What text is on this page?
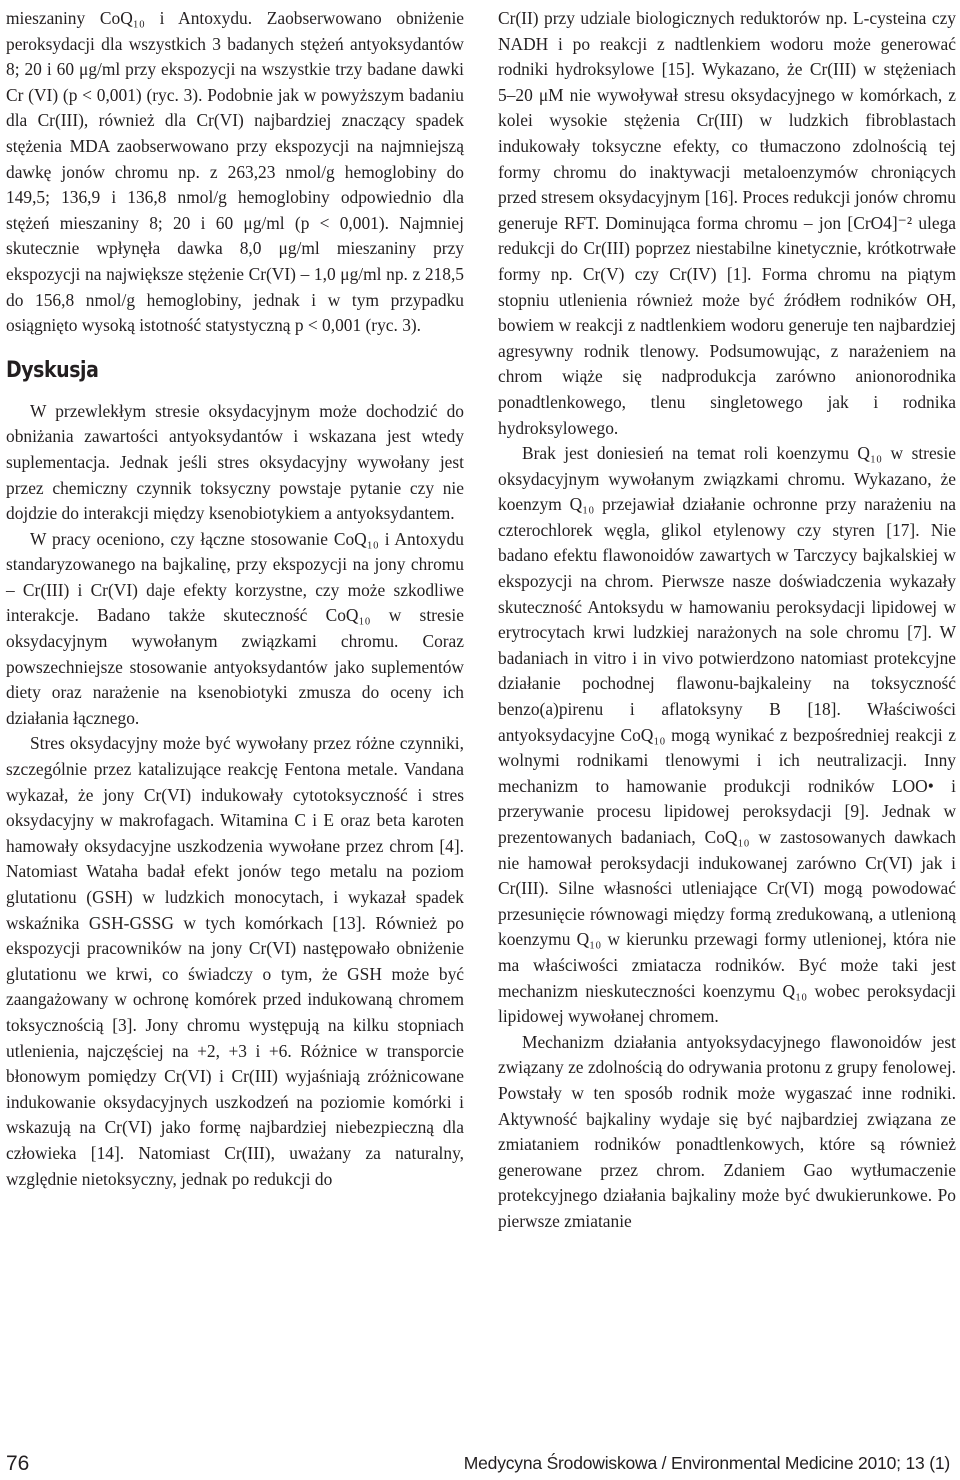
mieszaniny CoQ₁₀ i Antoxydu. Zaobserwowano obniżenie peroksydacji dla wszystkich 3 badanych stężeń antyoksydantów 8; 20 i 60 μg/ml przy ekspozycji na wszystkie trzy badane dawki Cr (VI) (p < 0,001) (ryc. 3). Podobnie jak w powyższym badaniu dla Cr(III), również dla Cr(VI) najbardziej znaczący spadek stężenia MDA zaobserwowano przy ekspozycji na najmniejszą dawkę jonów chromu np. z 263,23 nmol/g hemoglobiny do 149,5; 136,9 i 136,8 nmol/g hemoglobiny odpowiednio dla stężeń mieszaniny 8; 20 i 60 μg/ml (p < 0,001). Najmniej skutecznie wpłynęła dawka 8,0 μg/ml mieszaniny przy ekspozycji na największe stężenie Cr(VI) – 1,0 μg/ml np. z 218,5 do 156,8 nmol/g hemoglobiny, jednak i w tym przypadku osiągnięto wysoką istotność statystyczną p < 0,001 (ryc. 3).

Dyskusja

W przewlekłym stresie oksydacyjnym może dochodzić do obniżania zawartości antyoksydantów i wskazana jest wtedy suplementacja. Jednak jeśli stres oksydacyjny wywołany jest przez chemiczny czynnik toksyczny powstaje pytanie czy nie dojdzie do interakcji między ksenobiotykiem a antyoksydantem.

W pracy oceniono, czy łączne stosowanie CoQ₁₀ i Antoxydu standaryzowanego na bajkalinę, przy ekspozycji na jony chromu – Cr(III) i Cr(VI) daje efekty korzystne, czy może szkodliwe interakcje. Badano także skuteczność CoQ₁₀ w stresie oksydacyjnym wywołanym związkami chromu. Coraz powszechniejsze stosowanie antyoksydantów jako suplementów diety oraz narażenie na ksenobiotyki zmusza do oceny ich działania łącznego.

Stres oksydacyjny może być wywołany przez różne czynniki, szczególnie przez katalizujące reakcję Fentona metale. Vandana wykazał, że jony Cr(VI) indukowały cytotoksyczność i stres oksydacyjny w makrofagach. Witamina C i E oraz beta karoten hamowały oksydacyjne uszkodzenia wywołane przez chrom [4]. Natomiast Wataha badał efekt jonów tego metalu na poziom glutationu (GSH) w ludzkich monocytach, i wykazał spadek wskaźnika GSH-GSSG w tych komórkach [13]. Również po ekspozycji pracowników na jony Cr(VI) następowało obniżenie glutationu we krwi, co świadczy o tym, że GSH może być zaangażowany w ochronę komórek przed indukowaną chromem toksycznością [3]. Jony chromu występują na kilku stopniach utlenienia, najczęściej na +2, +3 i +6. Różnice w transporcie błonowym pomiędzy Cr(VI) i Cr(III) wyjaśniają zróżnicowane indukowanie oksydacyjnych uszkodzeń na poziomie komórki i wskazują na Cr(VI) jako formę najbardziej niebezpieczną dla człowieka [14]. Natomiast Cr(III), uważany za naturalny, względnie nietoksyczny, jednak po redukcji do

Cr(II) przy udziale biologicznych reduktorów np. L-cysteina czy NADH i po reakcji z nadtlenkiem wodoru może generować rodniki hydroksylowe [15]. Wykazano, że Cr(III) w stężeniach 5–20 μM nie wywoływał stresu oksydacyjnego w komórkach, z kolei wysokie stężenia Cr(III) w ludzkich fibroblastach indukowały toksyczne efekty, co tłumaczono zdolnością tej formy chromu do inaktywacji metaloenzymów chroniących przed stresem oksydacyjnym [16]. Proces redukcji jonów chromu generuje RFT. Dominująca forma chromu – jon [CrO4]⁻² ulega redukcji do Cr(III) poprzez niestabilne kinetycznie, krótkotrwałe formy np. Cr(V) czy Cr(IV) [1]. Forma chromu na piątym stopniu utlenienia również może być źródłem rodników OH, bowiem w reakcji z nadtlenkiem wodoru generuje ten najbardziej agresywny rodnik tlenowy. Podsumowując, z narażeniem na chrom wiąże się nadprodukcja zarówno anionorodnika ponadtlenkowego, tlenu singletowego jak i rodnika hydroksylowego.

Brak jest doniesień na temat roli koenzymu Q₁₀ w stresie oksydacyjnym wywołanym związkami chromu. Wykazano, że koenzym Q₁₀ przejawiał działanie ochronne przy narażeniu na czterochlorek węgla, glikol etylenowy czy styren [17]. Nie badano efektu flawonoidów zawartych w Tarczycy bajkalskiej w ekspozycji na chrom. Pierwsze nasze doświadczenia wykazały skuteczność Antoksydu w hamowaniu peroksydacji lipidowej w erytrocytach krwi ludzkiej narażonych na sole chromu [7]. W badaniach in vitro i in vivo potwierdzono natomiast protekcyjne działanie pochodnej flawonu-bajkaleiny na toksyczność benzo(a)pirenu i aflatoksyny B [18]. Właściwości antyoksydacyjne CoQ₁₀ mogą wynikać z bezpośredniej reakcji z wolnymi rodnikami tlenowymi i ich neutralizacji. Inny mechanizm to hamowanie produkcji rodników LOO• i przerywanie procesu lipidowej peroksydacji [9]. Jednak w prezentowanych badaniach, CoQ₁₀ w zastosowanych dawkach nie hamował peroksydacji indukowanej zarówno Cr(VI) jak i Cr(III). Silne własności utleniające Cr(VI) mogą powodować przesunięcie równowagi między formą zredukowaną, a utlenioną koenzymu Q₁₀ w kierunku przewagi formy utlenionej, która nie ma właściwości zmiatacza rodników. Być może taki jest mechanizm nieskuteczności koenzymu Q₁₀ wobec peroksydacji lipidowej wywołanej chromem.

Mechanizm działania antyoksydacyjnego flawonoidów jest związany ze zdolnością do odrywania protonu z grupy fenolowej. Powstały w ten sposób rodnik może wygaszać inne rodniki. Aktywność bajkaliny wydaje się być najbardziej związana ze zmiataniem rodników ponadtlenkowych, które są również generowane przez chrom. Zdaniem Gao wytłumaczenie protekcyjnego działania bajkaliny może być dwukierunkowe. Po pierwsze zmiatanie

76	Medycyna Środowiskowa / Environmental Medicine 2010; 13 (1)
